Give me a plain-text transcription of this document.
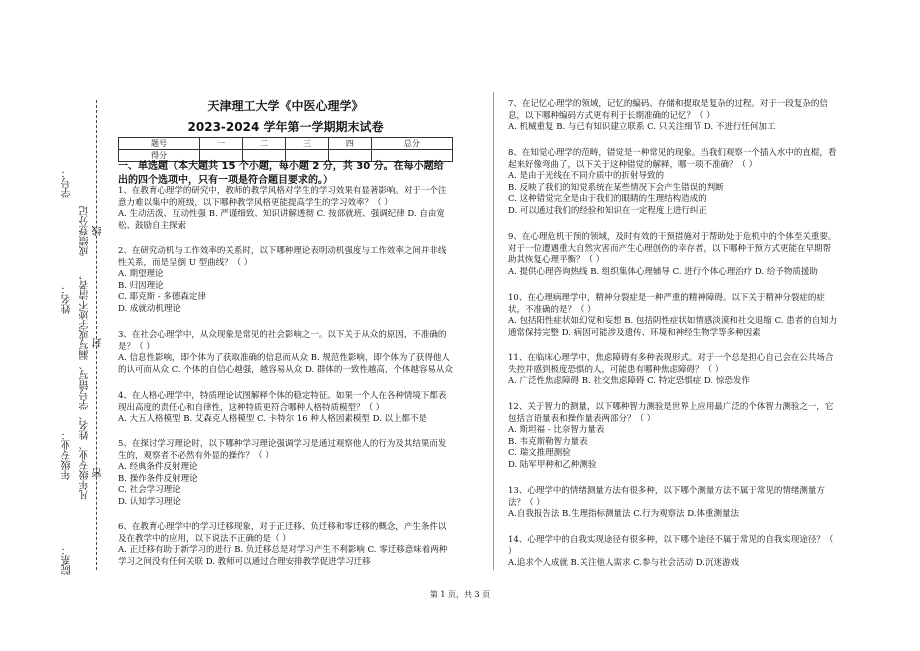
学号：
成绩登分记 线
姓名： 凡年级专业、姓名、学号错写、漏写或字迹不清者， 封
年级专业： 密
院系：
天津理工大学《中医心理学》
2023-2024 学年第一学期期末试卷
题号	一	二	三	四	总分
得分					
一、单选题（本大题共 15 个小题，每小题 2 分，共 30 分。在每小题给出的四个选项中，只有一项是符合题目要求的。）

1、在教育心理学的研究中，教师的教学风格对学生的学习效果有显著影响。对于一个注意力难以集中的班级，以下哪种教学风格更能提高学生的学习效率？（ ）

A. 生动活泼、互动性强 B. 严谨细致、知识讲解透彻 C. 按部就班、强调纪律 D. 自由宽松、鼓励自主探索

2、在研究动机与工作效率的关系时，以下哪种理论表明动机强度与工作效率之间并非线性关系，而是呈倒 U 型曲线？（ ）

A. 期望理论

B. 归因理论

C. 耶克斯 - 多德森定律

D. 成就动机理论

3、在社会心理学中，从众现象是常见的社会影响之一。以下关于从众的原因，不准确的是？（ ）

A. 信息性影响，即个体为了获取准确的信息而从众 B. 规范性影响，即个体为了获得他人的认可而从众 C. 个体的自信心越强，越容易从众 D. 群体的一致性越高，个体越容易从众

4、在人格心理学中，特质理论试图解释个体的稳定特征。如果一个人在各种情境下都表现出高度的责任心和自律性，这种特质更符合哪种人格特质模型？（ ）

A. 大五人格模型 B. 艾森克人格模型 C. 卡特尔 16 种人格因素模型 D. 以上都不是

5、在探讨学习理论时，以下哪种学习理论强调学习是通过观察他人的行为及其结果而发生的，观察者不必然有外显的操作？（ ）

A. 经典条件反射理论

B. 操作条件反射理论

C. 社会学习理论

D. 认知学习理论

6、在教育心理学中的学习迁移现象，对于正迁移、负迁移和零迁移的概念，产生条件以及在教学中的应用，以下说法不正确的是（ ）

A. 正迁移有助于新学习的进行 B. 负迁移总是对学习产生不利影响 C. 零迁移意味着两种学习之间没有任何关联 D. 教师可以通过合理安排教学促进学习迁移

7、在记忆心理学的领域，记忆的编码、存储和提取是复杂的过程。对于一段复杂的信息，以下哪种编码方式更有利于长期准确的记忆？（ ）

A. 机械重复 B. 与已有知识建立联系 C. 只关注细节 D. 不进行任何加工

8、在知觉心理学的范畴，错觉是一种常见的现象。当我们观察一个插入水中的直棍，看起来好像弯曲了，以下关于这种错觉的解释，哪一项不准确？（ ）

A. 是由于光线在不同介质中的折射导致的

B. 反映了我们的知觉系统在某些情况下会产生错误的判断

C. 这种错觉完全是由于我们的眼睛的生理结构造成的

D. 可以通过我们的经验和知识在一定程度上进行纠正

9、在心理危机干预的领域，及时有效的干预措施对于帮助处于危机中的个体至关重要。对于一位遭遇重大自然灾害而产生心理创伤的幸存者，以下哪种干预方式更能在早期帮助其恢复心理平衡？（ ）

A. 提供心理咨询热线 B. 组织集体心理辅导 C. 进行个体心理治疗 D. 给予物质援助

10、在心理病理学中，精神分裂症是一种严重的精神障碍。以下关于精神分裂症的症状，不准确的是？（ ）

A. 包括阳性症状如幻觉和妄想 B. 包括阴性症状如情感淡漠和社交退缩 C. 患者的自知力通常保持完整 D. 病因可能涉及遗传、环境和神经生物学等多种因素

11、在临床心理学中，焦虑障碍有多种表现形式。对于一个总是担心自己会在公共场合失控并感到极度恐惧的人，可能患有哪种焦虑障碍？（ ）

A. 广泛性焦虑障碍 B. 社交焦虑障碍 C. 特定恐惧症 D. 惊恐发作

12、关于智力的测量，以下哪种智力测验是世界上应用最广泛的个体智力测验之一，它包括言语量表和操作量表两部分？（ ）

A. 斯坦福 - 比奈智力量表

B. 韦克斯勒智力量表

C. 瑞文推理测验

D. 陆军甲种和乙种测验

13、心理学中的情绪测量方法有很多种，以下哪个测量方法不属于常见的情绪测量方法？（ ）

A.自我报告法 B.生理指标测量法 C.行为观察法 D.体重测量法

14、心理学中的自我实现途径有很多种，以下哪个途径不属于常见的自我实现途径？（ ）

A.追求个人成就 B.关注他人需求 C.参与社会活动 D.沉迷游戏

第 1 页，共 3 页
